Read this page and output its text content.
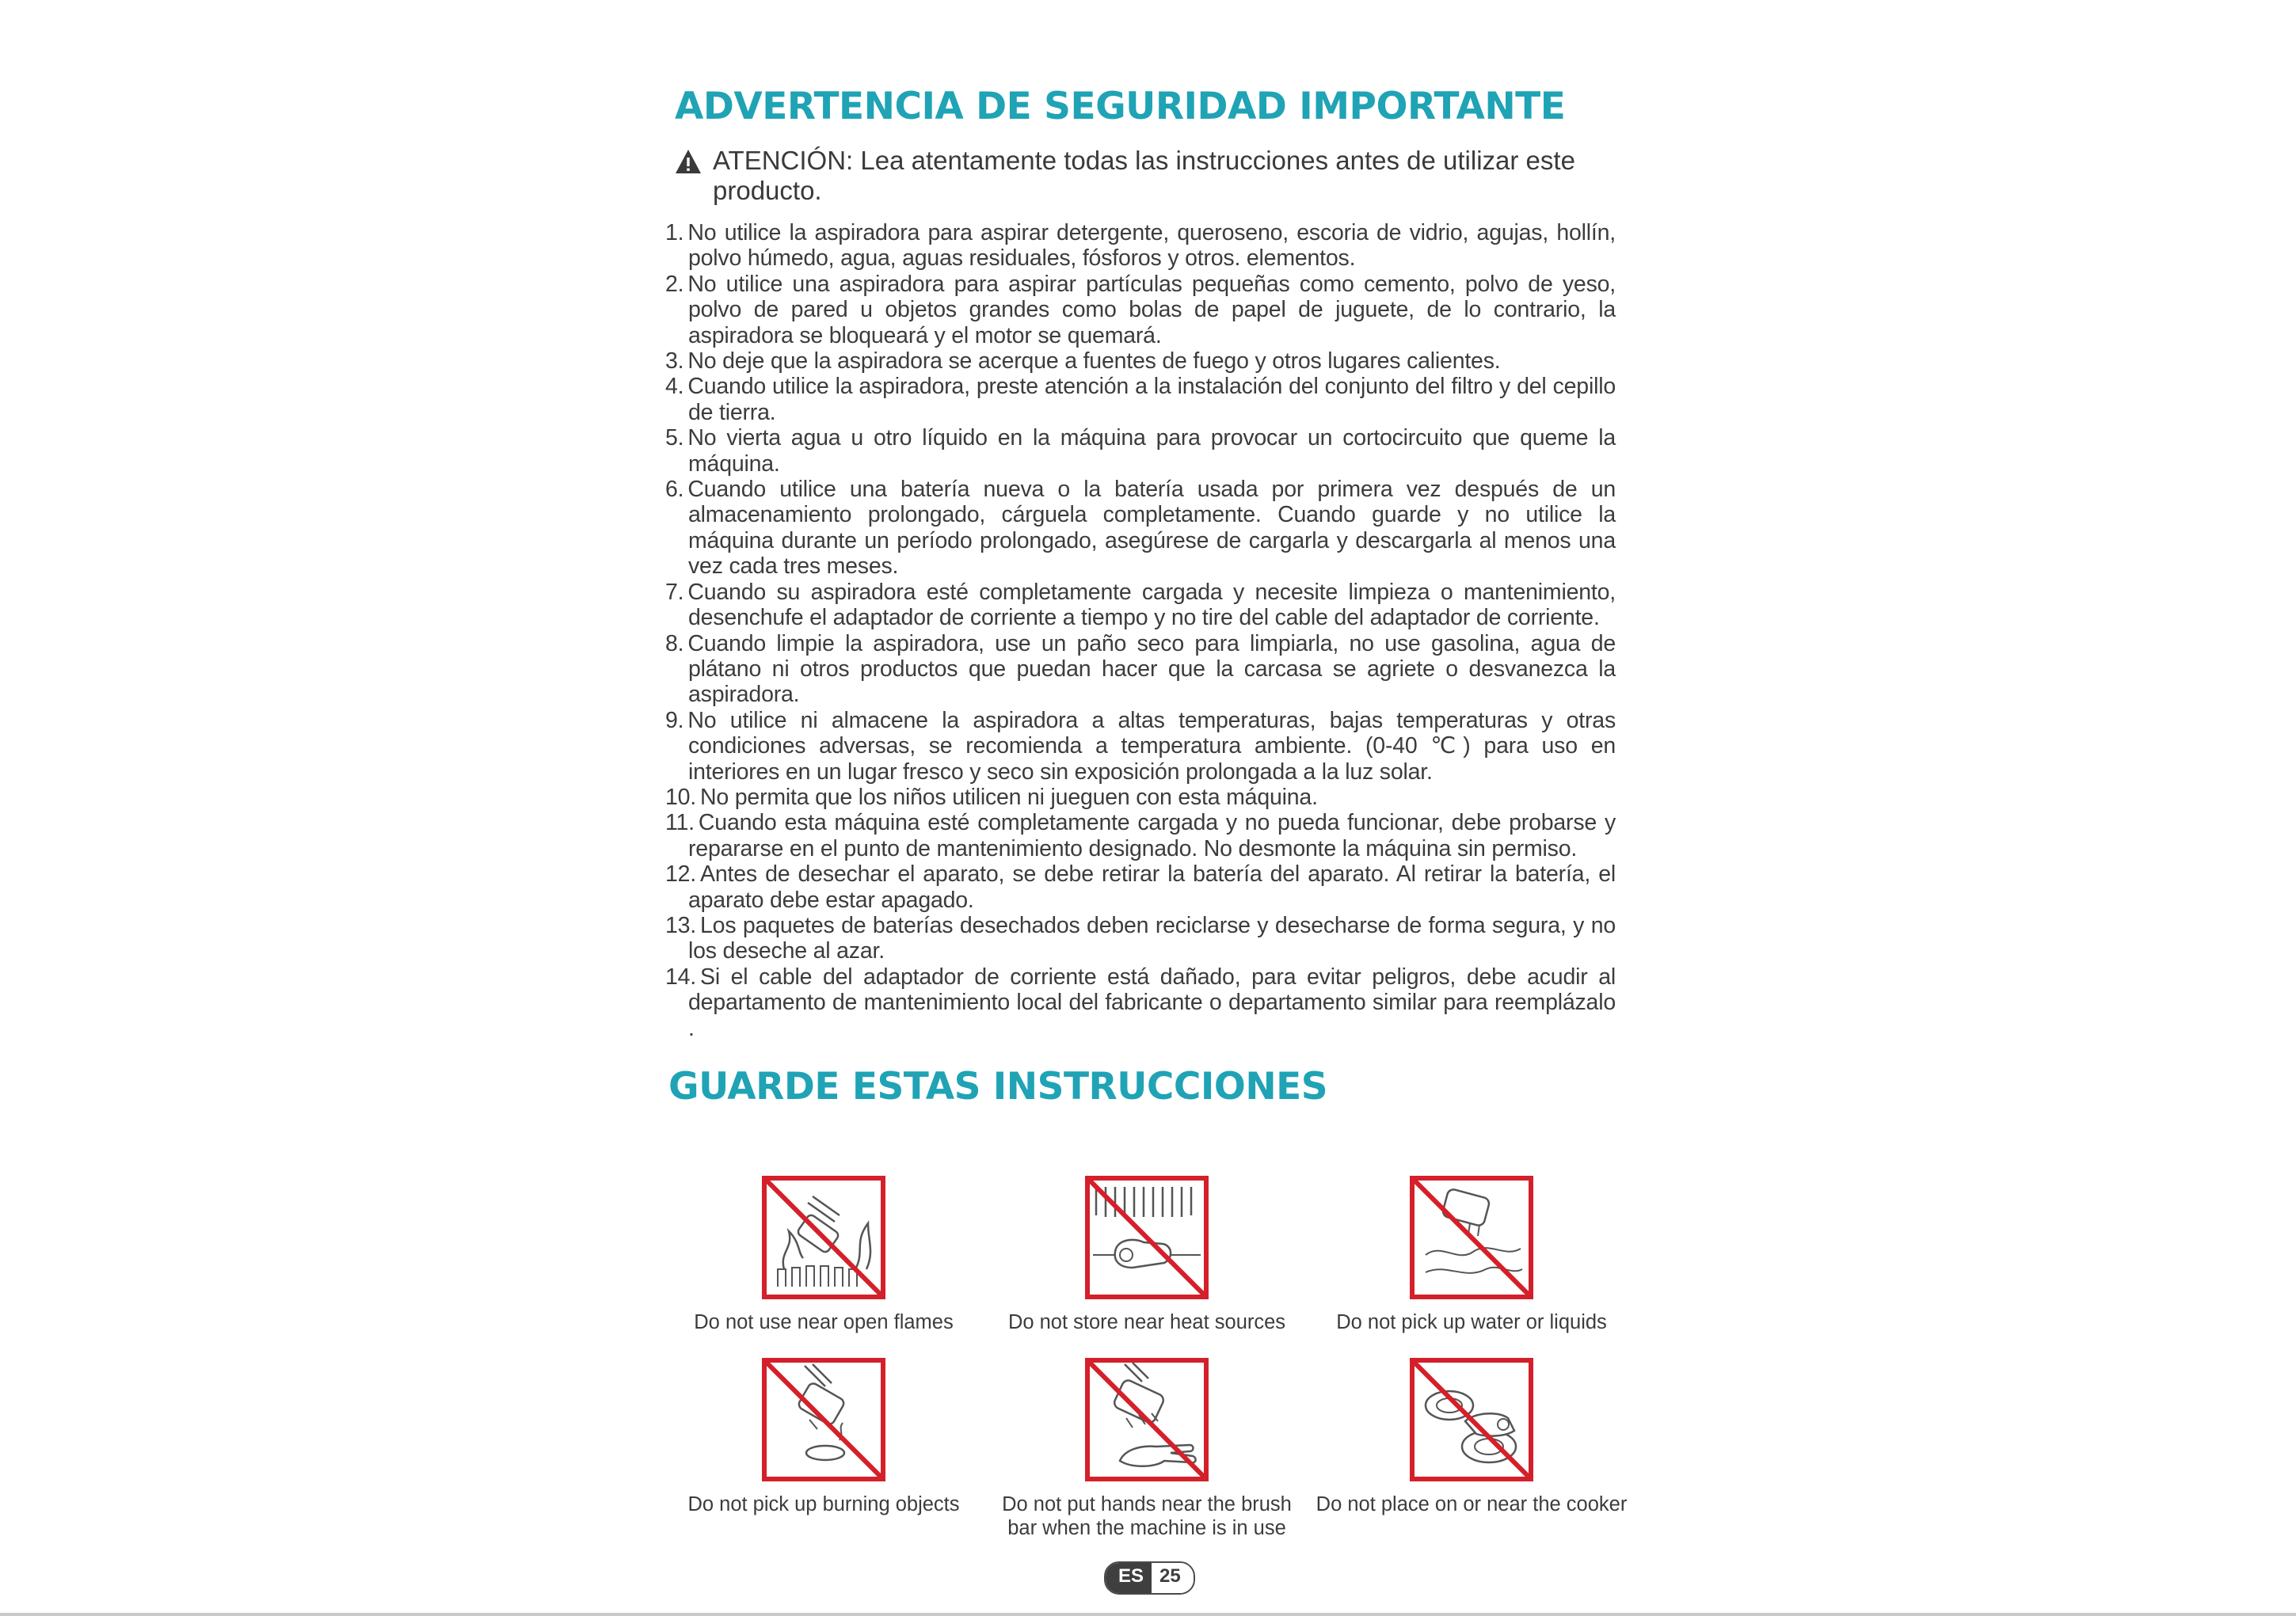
ADVERTENCIA DE SEGURIDAD IMPORTANTE
ATENCIÓN: Lea atentamente todas las instrucciones antes de utilizar este producto.
1. No utilice la aspiradora para aspirar detergente, queroseno, escoria de vidrio, agujas, hollín, polvo húmedo, agua, aguas residuales, fósforos y otros. elementos.
2. No utilice una aspiradora para aspirar partículas pequeñas como cemento, polvo de yeso, polvo de pared u objetos grandes como bolas de papel de juguete, de lo contrario, la aspiradora se bloqueará y el motor se quemará.
3. No deje que la aspiradora se acerque a fuentes de fuego y otros lugares calientes.
4. Cuando utilice la aspiradora, preste atención a la instalación del conjunto del filtro y del cepillo de tierra.
5. No vierta agua u otro líquido en la máquina para provocar un cortocircuito que queme la máquina.
6. Cuando utilice una batería nueva o la batería usada por primera vez después de un almacenamiento prolongado, cárguela completamente. Cuando guarde y no utilice la máquina durante un período prolongado, asegúrese de cargarla y descargarla al menos una vez cada tres meses.
7. Cuando su aspiradora esté completamente cargada y necesite limpieza o mantenimiento, desenchufe el adaptador de corriente a tiempo y no tire del cable del adaptador de corriente.
8. Cuando limpie la aspiradora, use un paño seco para limpiarla, no use gasolina, agua de plátano ni otros productos que puedan hacer que la carcasa se agriete o desvanezca la aspiradora.
9. No utilice ni almacene la aspiradora a altas temperaturas, bajas temperaturas y otras condiciones adversas, se recomienda a temperatura ambiente. (0-40 ℃) para uso en interiores en un lugar fresco y seco sin exposición prolongada a la luz solar.
10. No permita que los niños utilicen ni jueguen con esta máquina.
11. Cuando esta máquina esté completamente cargada y no pueda funcionar, debe probarse y repararse en el punto de mantenimiento designado. No desmonte la máquina sin permiso.
12. Antes de desechar el aparato, se debe retirar la batería del aparato. Al retirar la batería, el aparato debe estar apagado.
13. Los paquetes de baterías desechados deben reciclarse y desecharse de forma segura, y no los deseche al azar.
14. Si el cable del adaptador de corriente está dañado, para evitar peligros, debe acudir al departamento de mantenimiento local del fabricante o departamento similar para reemplázalo .
GUARDE ESTAS INSTRUCCIONES
Do not use near open flames	Do not store near heat sources	Do not pick up water or liquids
Do not pick up burning objects	Do not put hands near the brush bar when the machine is in use
Do not place on or near the cooker
ES 25
